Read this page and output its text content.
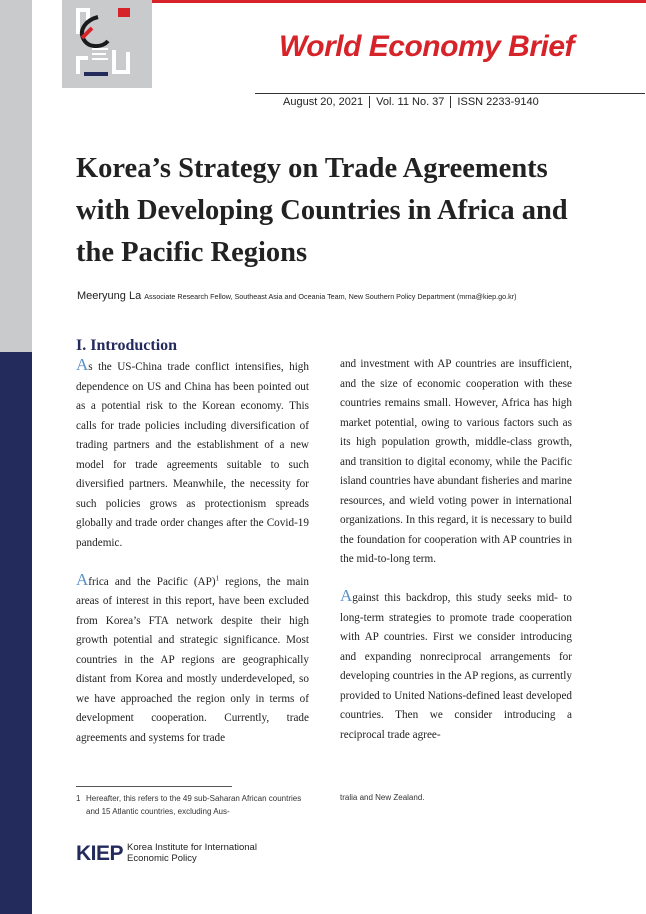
World Economy Brief
August 20, 2021 Vol. 11 No. 37 ISSN 2233-9140
Korea’s Strategy on Trade Agreements with Developing Countries in Africa and the Pacific Regions
Meeryung La Associate Research Fellow, Southeast Asia and Oceania Team, New Southern Policy Department (mrna@kiep.go.kr)
I. Introduction

As the US-China trade conflict intensifies, high dependence on US and China has been pointed out as a potential risk to the Korean economy. This calls for trade policies including diversification of trading partners and the establishment of a new model for trade agreements suitable to such diversified partners. Meanwhile, the necessity for such policies grows as protectionism spreads globally and trade order changes after the Covid-19 pandemic.

Africa and the Pacific (AP)$^1$ regions, the main areas of interest in this report, have been excluded from Korea’s FTA network despite their high growth potential and strategic significance. Most countries in the AP regions are geographically distant from Korea and mostly underdeveloped, so we have approached the region only in terms of development cooperation. Currently, trade agreements and systems for trade

and investment with AP countries are insufficient, and the size of economic cooperation with these countries remains small. However, Africa has high market potential, owing to various factors such as its high population growth, middle-class growth, and transition to digital economy, while the Pacific island countries have abundant fisheries and marine resources, and wield voting power in international organizations. In this regard, it is necessary to build the foundation for cooperation with AP countries in the mid-to-long term.

Against this backdrop, this study seeks mid- to long-term strategies to promote trade cooperation with AP countries. First we consider introducing and expanding nonreciprocal arrangements for developing countries in the AP regions, as currently provided to United Nations-defined least developed countries. Then we consider introducing a reciprocal trade agree-

1 Hereafter, this refers to the 49 sub-Saharan African countries and 15 Atlantic countries, excluding Aus-
tralia and New Zealand.
KIEP Korea Institute for International
Economic Policy
